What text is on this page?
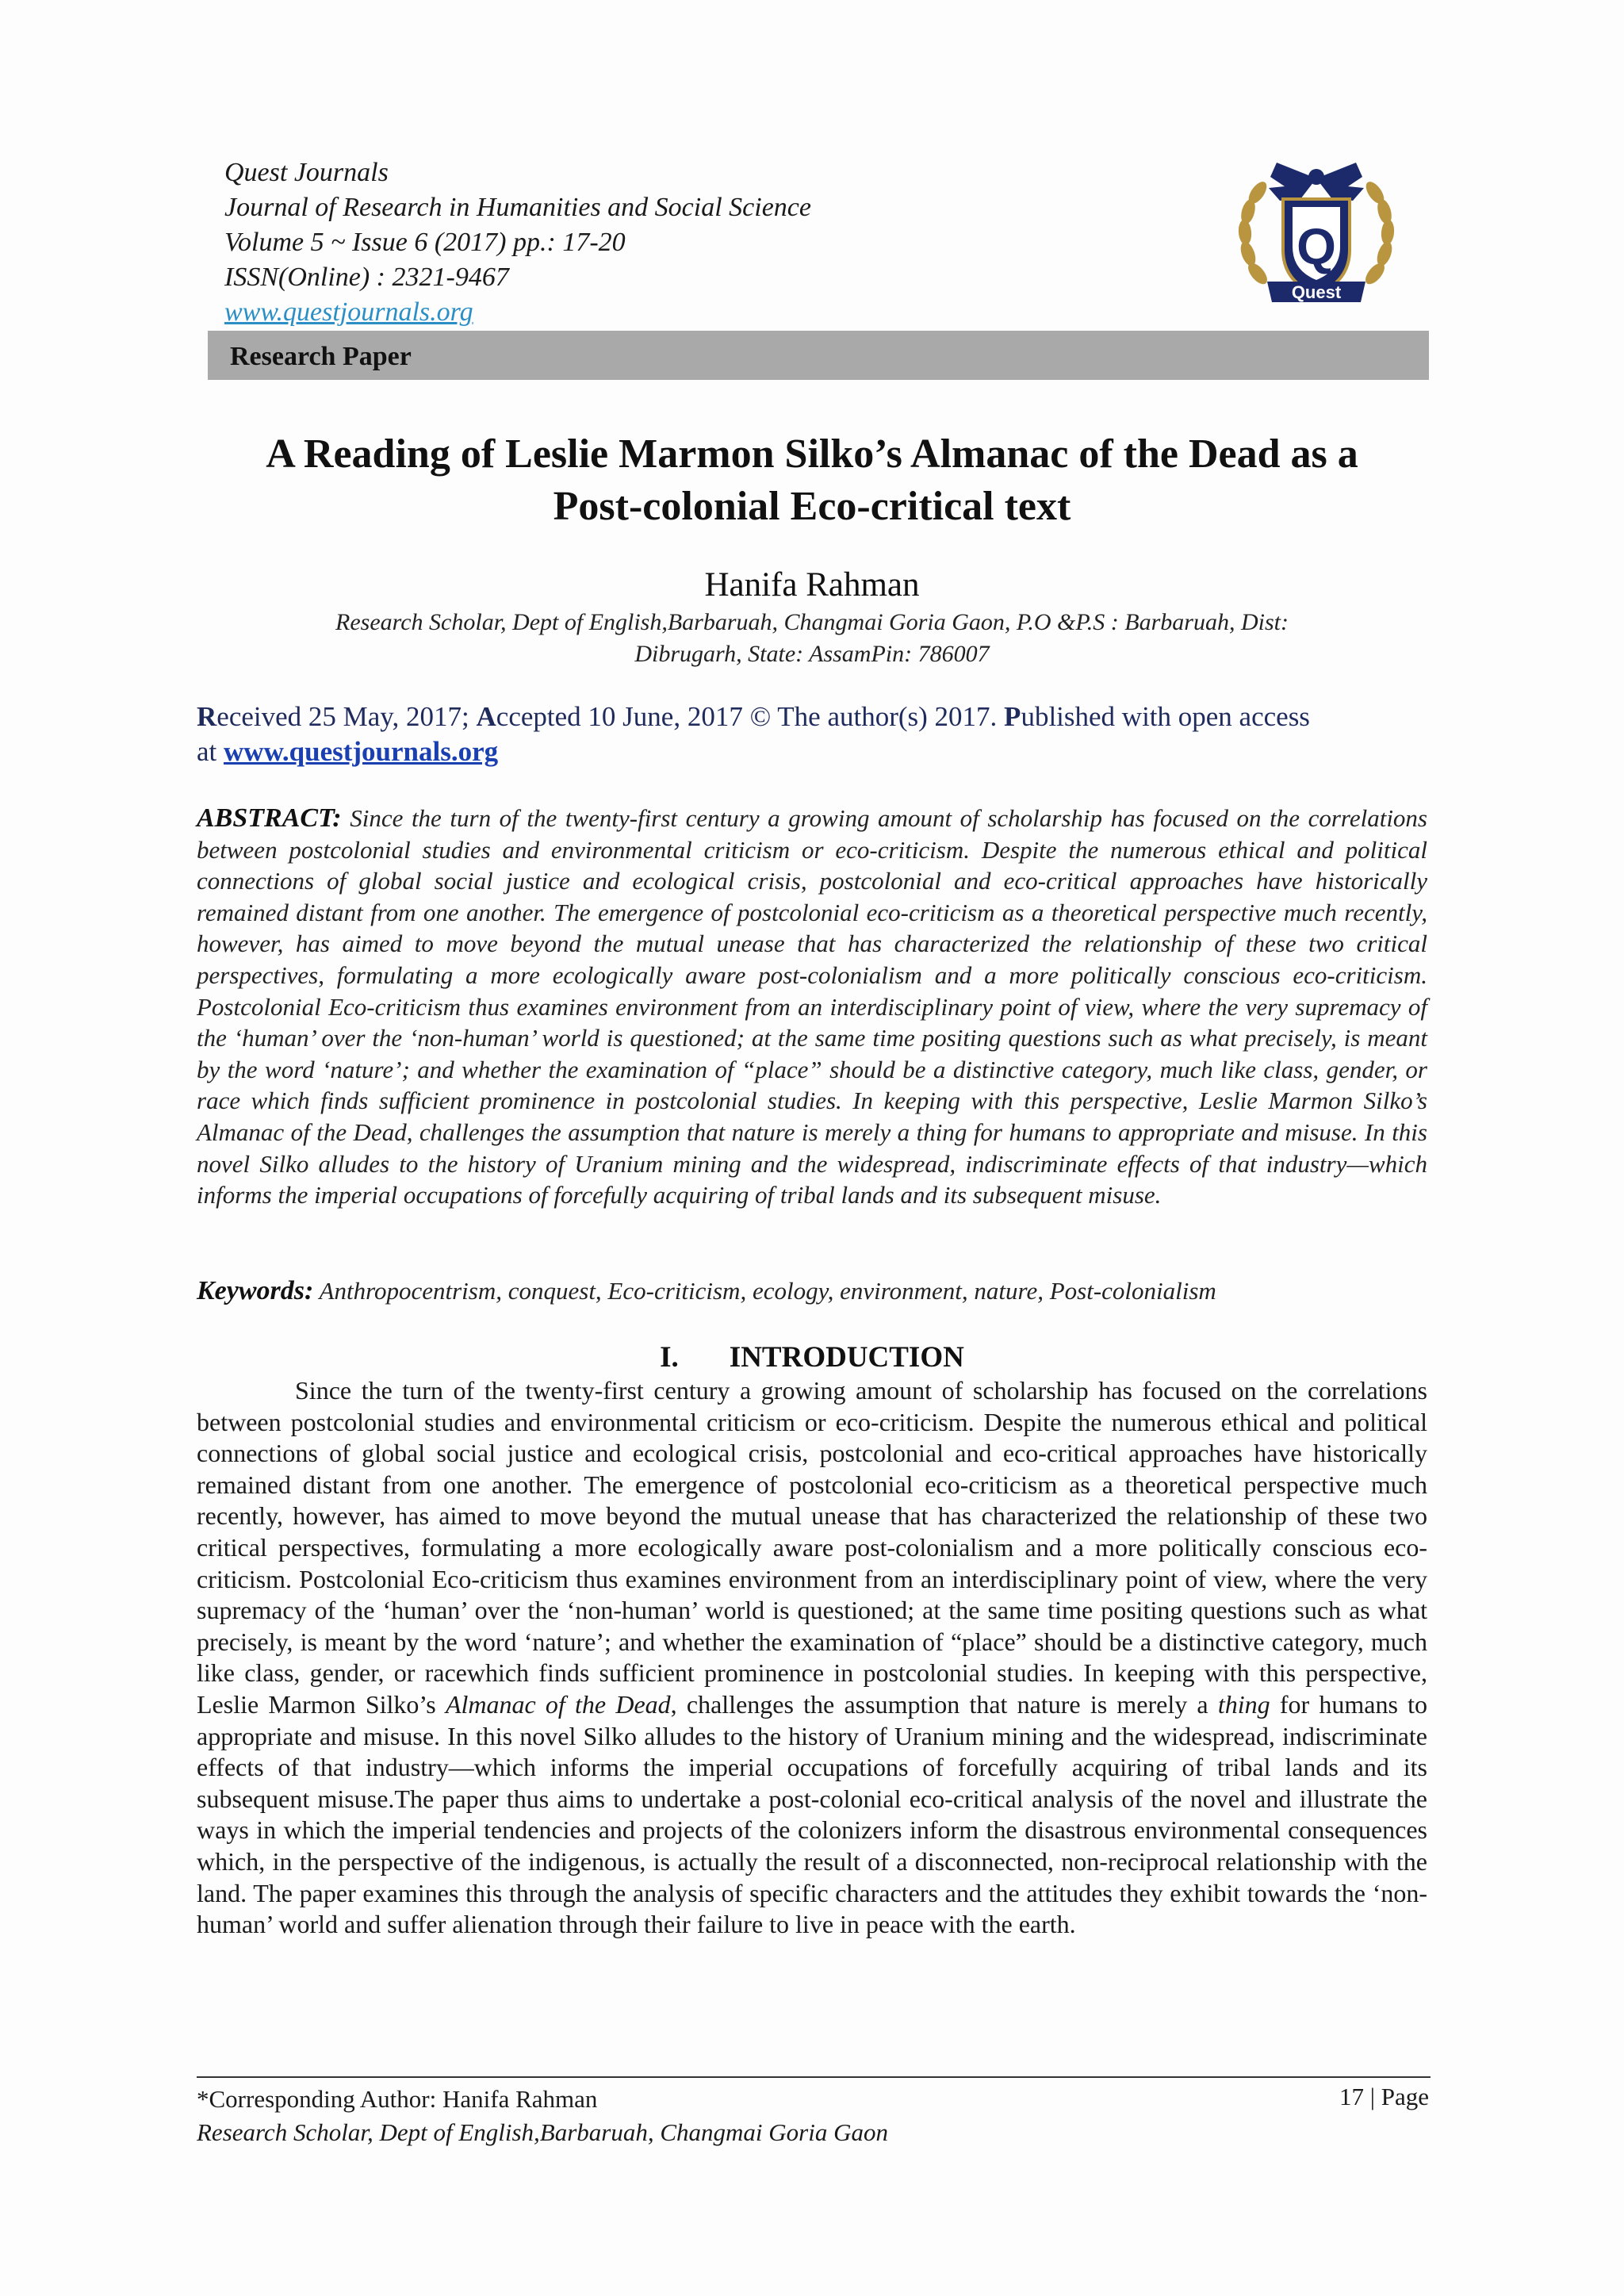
Quest Journals
Journal of Research in Humanities and Social Science
Volume 5 ~ Issue 6 (2017) pp.: 17-20
ISSN(Online) : 2321-9467
www.questjournals.org
Q
Quest
Research Paper
A Reading of Leslie Marmon Silko’s Almanac of the Dead as a
Post-colonial Eco-critical text
Hanifa Rahman
Research Scholar, Dept of English,Barbaruah, Changmai Goria Gaon, P.O &P.S : Barbaruah, Dist:
Dibrugarh, State: AssamPin: 786007
Received 25 May, 2017; Accepted 10 June, 2017 © The author(s) 2017. Published with open access
at www.questjournals.org
ABSTRACT: Since the turn of the twenty-first century a growing amount of scholarship has focused on the correlations between postcolonial studies and environmental criticism or eco-criticism. Despite the numerous ethical and political connections of global social justice and ecological crisis, postcolonial and eco-critical approaches have historically remained distant from one another. The emergence of postcolonial eco-criticism as a theoretical perspective much recently, however, has aimed to move beyond the mutual unease that has characterized the relationship of these two critical perspectives, formulating a more ecologically aware post-colonialism and a more politically conscious eco-criticism. Postcolonial Eco-criticism thus examines environment from an interdisciplinary point of view, where the very supremacy of the ‘human’ over the ‘non-human’ world is questioned; at the same time positing questions such as what precisely, is meant by the word ‘nature’; and whether the examination of “place” should be a distinctive category, much like class, gender, or race which finds sufficient prominence in postcolonial studies. In keeping with this perspective, Leslie Marmon Silko’s Almanac of the Dead, challenges the assumption that nature is merely a thing for humans to appropriate and misuse. In this novel Silko alludes to the history of Uranium mining and the widespread, indiscriminate effects of that industry—which informs the imperial occupations of forcefully acquiring of tribal lands and its subsequent misuse.
Keywords: Anthropocentrism, conquest, Eco-criticism, ecology, environment, nature, Post-colonialism
I. INTRODUCTION
Since the turn of the twenty-first century a growing amount of scholarship has focused on the correlations between postcolonial studies and environmental criticism or eco-criticism. Despite the numerous ethical and political connections of global social justice and ecological crisis, postcolonial and eco-critical approaches have historically remained distant from one another. The emergence of postcolonial eco-criticism as a theoretical perspective much recently, however, has aimed to move beyond the mutual unease that has characterized the relationship of these two critical perspectives, formulating a more ecologically aware post-colonialism and a more politically conscious eco-criticism. Postcolonial Eco-criticism thus examines environment from an interdisciplinary point of view, where the very supremacy of the ‘human’ over the ‘non-human’ world is questioned; at the same time positing questions such as what precisely, is meant by the word ‘nature’; and whether the examination of “place” should be a distinctive category, much like class, gender, or racewhich finds sufficient prominence in postcolonial studies. In keeping with this perspective, Leslie Marmon Silko’s Almanac of the Dead, challenges the assumption that nature is merely a thing for humans to appropriate and misuse. In this novel Silko alludes to the history of Uranium mining and the widespread, indiscriminate effects of that industry—which informs the imperial occupations of forcefully acquiring of tribal lands and its subsequent misuse.The paper thus aims to undertake a post-colonial eco-critical analysis of the novel and illustrate the ways in which the imperial tendencies and projects of the colonizers inform the disastrous environmental consequences which, in the perspective of the indigenous, is actually the result of a disconnected, non-reciprocal relationship with the land. The paper examines this through the analysis of specific characters and the attitudes they exhibit towards the ‘non-human’ world and suffer alienation through their failure to live in peace with the earth.
*Corresponding Author: Hanifa Rahman
Research Scholar, Dept of English,Barbaruah, Changmai Goria Gaon
17 | Page
